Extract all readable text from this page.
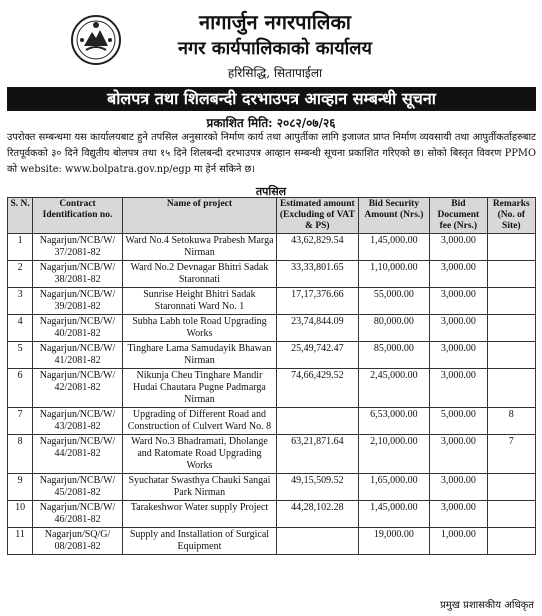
नागार्जुन नगरपालिका
नगर कार्यपालिकाको कार्यालय
हरिसिद्धि, सितापाईला
बोलपत्र तथा शिलबन्दी दरभाउपत्र आव्हान सम्बन्धी सूचना
प्रकाशित मिति: २०८२/०७/२६
उपरोक्त सम्बन्धमा यस कार्यालयबाट हुने तपसिल अनुसारको निर्माण कार्य तथा आपुर्तीका लागि इजाजत प्राप्त निर्माण व्यवसायी तथा आपुर्तीकर्ताहरुबाट रितपूर्वकको ३० दिने विद्युतीय बोलपत्र तथा १५ दिने शिलबन्दी दरभाउपत्र आव्हान सम्बन्धी सूचना प्रकाशित गरिएको छ। सोको बिस्तृत विवरण PPMO को website: www.bolpatra.gov.np/egp मा हेर्न सकिने छ।
तपसिल
S. N.	Contract Identification no.	Name of project	Estimated amount (Excluding of VAT & PS)	Bid Security Amount (Nrs.)	Bid Document fee (Nrs.)	Remarks (No. of Site)
1	Nagarjun/NCB/W/ 37/2081-82	Ward No.4 Setokuwa Prabesh Marga Nirman	43,62,829.54	1,45,000.00	3,000.00	
2	Nagarjun/NCB/W/ 38/2081-82	Ward No.2 Devnagar Bhitri Sadak Staronnati	33,33,801.65	1,10,000.00	3,000.00	
3	Nagarjun/NCB/W/ 39/2081-82	Sunrise Height Bhitri Sadak Staronnati Ward No. 1	17,17,376.66	55,000.00	3,000.00	
4	Nagarjun/NCB/W/ 40/2081-82	Subha Labh tole Road Upgrading Works	23,74,844.09	80,000.00	3,000.00	
5	Nagarjun/NCB/W/ 41/2081-82	Tinghare Lama Samudayik Bhawan Nirman	25,49,742.47	85,000.00	3,000.00	
6	Nagarjun/NCB/W/ 42/2081-82	Nikunja Cheu Tinghare Mandir Hudai Chautara Pugne Padmarga Nirman	74,66,429.52	2,45,000.00	3,000.00	
7	Nagarjun/NCB/W/ 43/2081-82	Upgrading of Different Road and Construction of Culvert Ward No. 8		6,53,000.00	5,000.00	8
8	Nagarjun/NCB/W/ 44/2081-82	Ward No.3 Bhadramati, Dholange and Ratomate Road Upgrading Works	63,21,871.64	2,10,000.00	3,000.00	7
9	Nagarjun/NCB/W/ 45/2081-82	Syuchatar Swasthya Chauki Sangai Park Nirman	49,15,509.52	1,65,000.00	3,000.00	
10	Nagarjun/NCB/W/ 46/2081-82	Tarakeshwor Water supply Project	44,28,102.28	1,45,000.00	3,000.00	
11	Nagarjun/SQ/G/ 08/2081-82	Supply and Installation of Surgical Equipment		19,000.00	1,000.00	
प्रमुख प्रशासकीय अधिकृत
